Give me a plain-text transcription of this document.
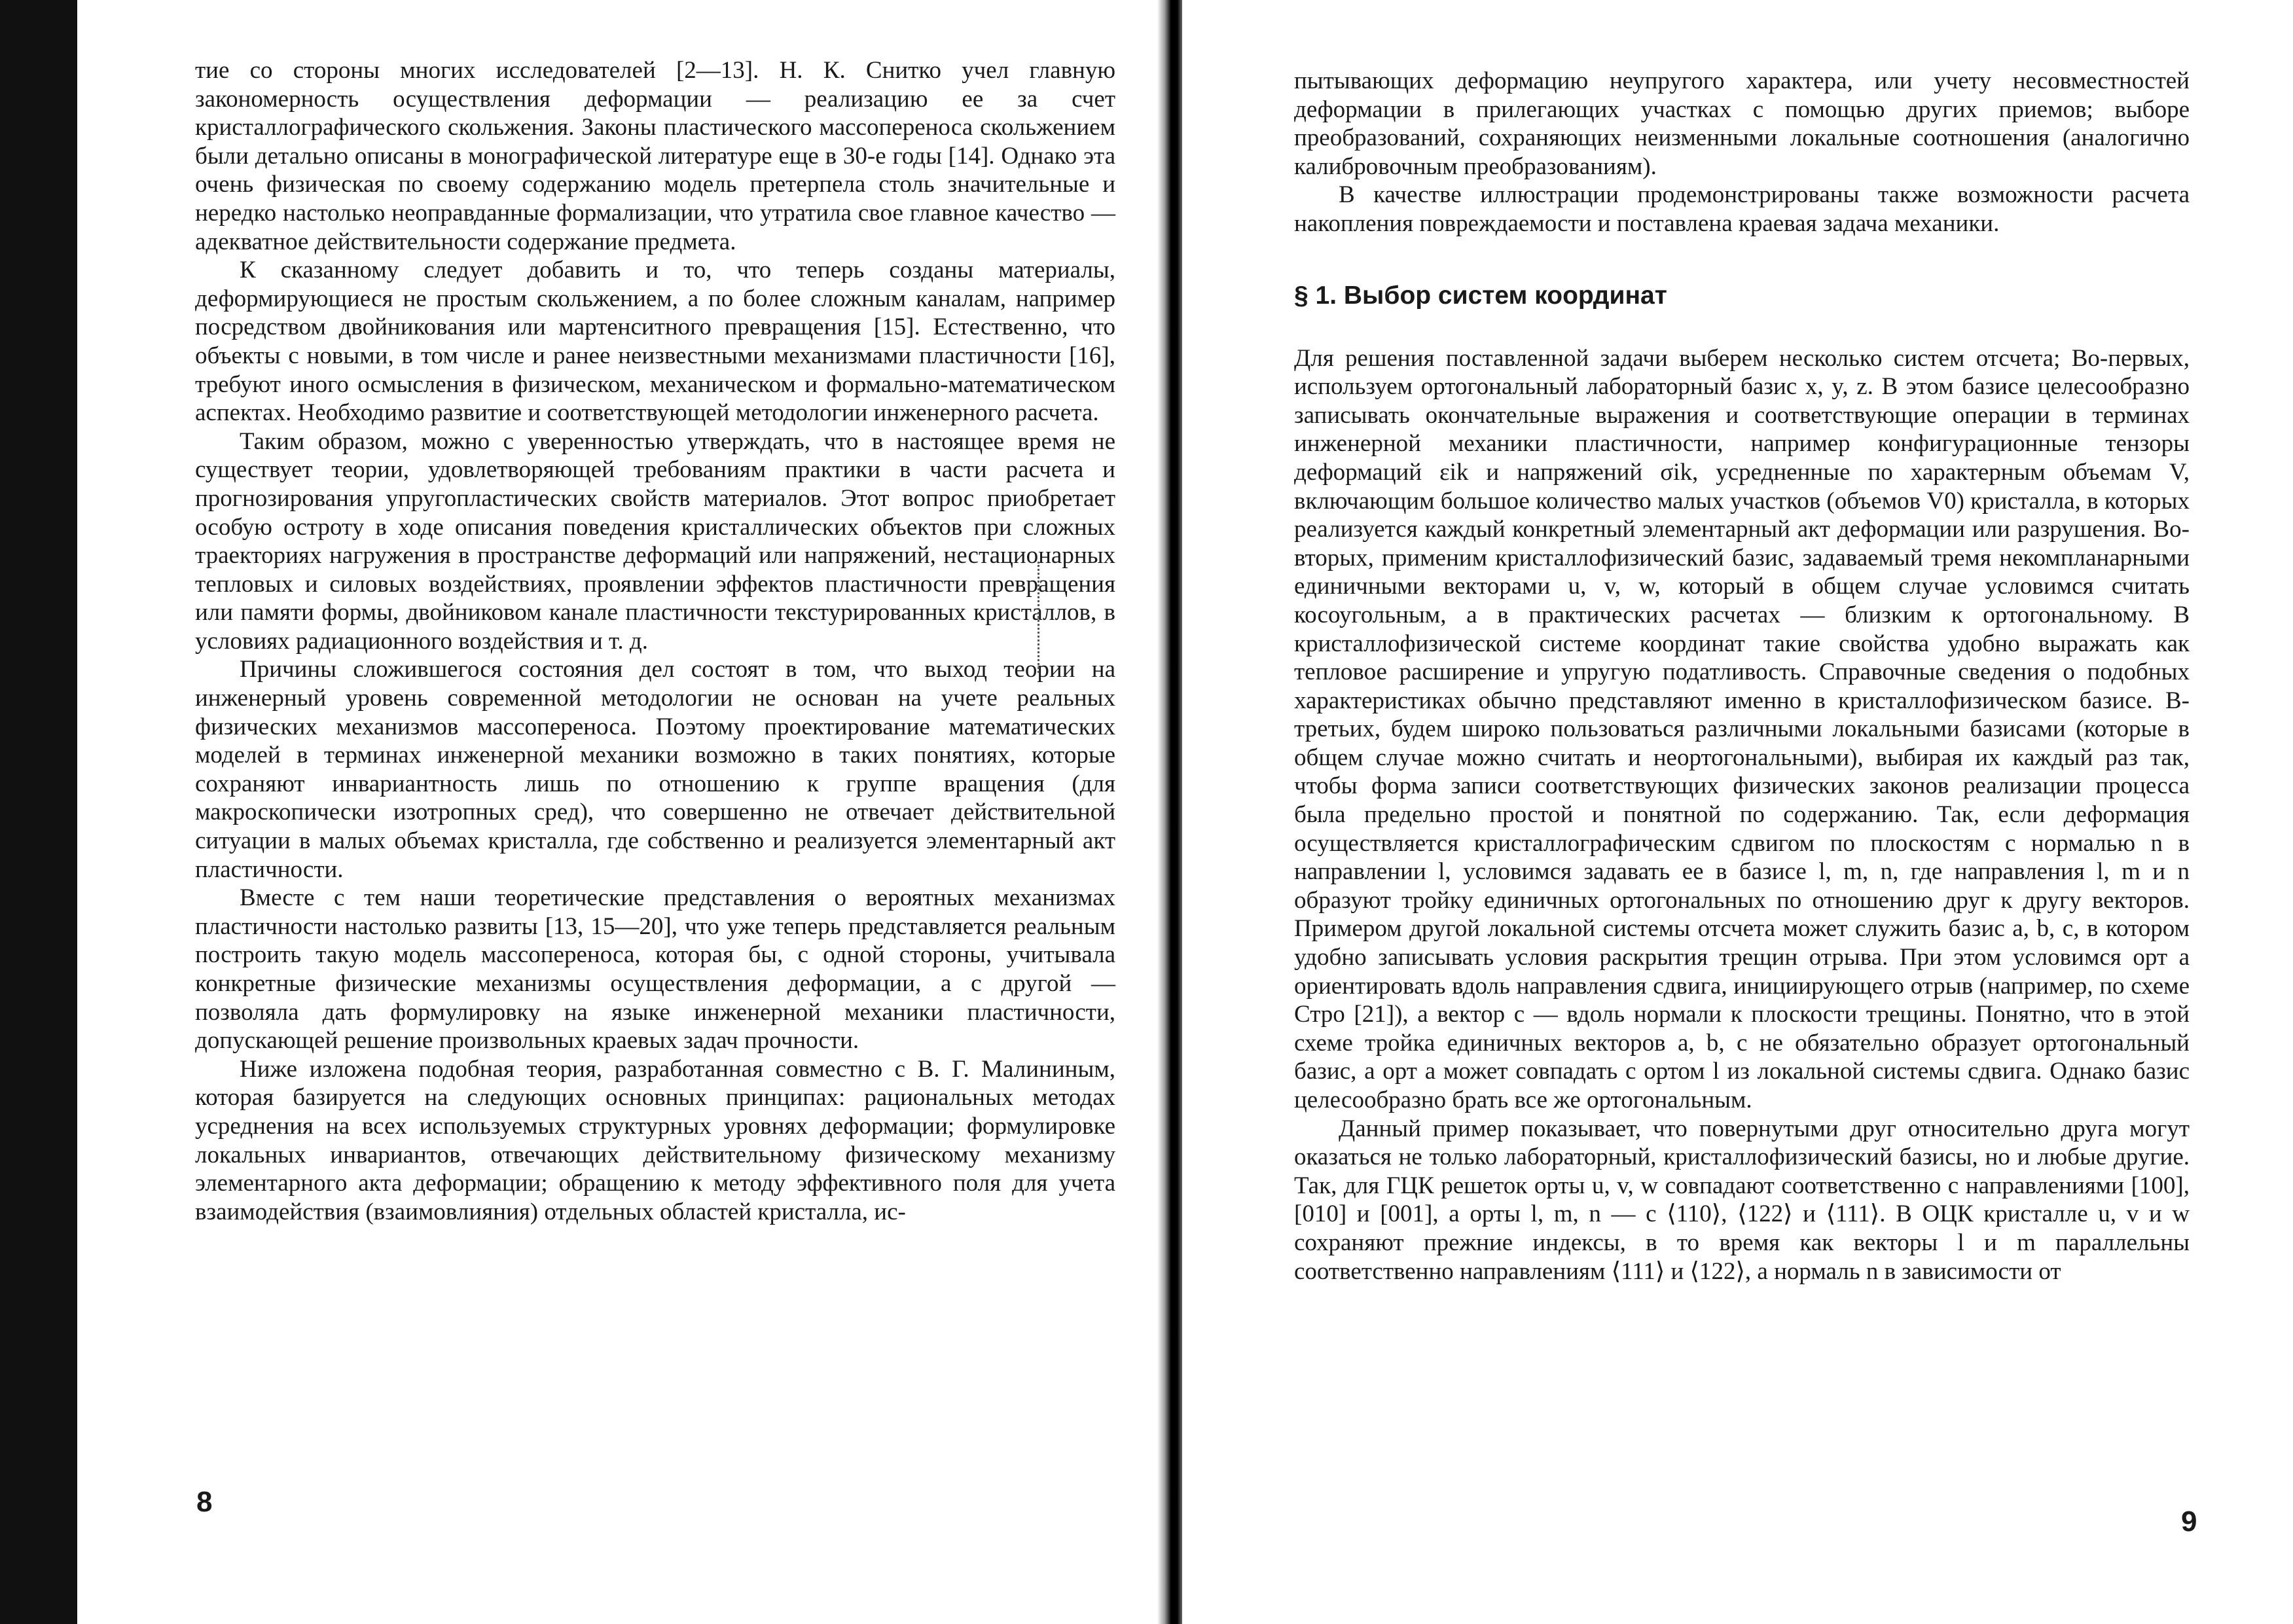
тие со стороны многих исследователей [2—13]. Н. К. Снитко учел главную закономерность осуществления деформации — реализацию ее за счет кристаллографического скольжения. Законы пластического массопереноса скольжением были детально описаны в монографической литературе еще в 30-е годы [14]. Однако эта очень физическая по своему содержанию модель претерпела столь значительные и нередко настолько неоправданные формализации, что утратила свое главное качество — адекватное действительности содержание предмета.

К сказанному следует добавить и то, что теперь созданы материалы, деформирующиеся не простым скольжением, а по более сложным каналам, например посредством двойникования или мартенситного превращения [15]. Естественно, что объекты с новыми, в том числе и ранее неизвестными механизмами пластичности [16], требуют иного осмысления в физическом, механическом и формально-математическом аспектах. Необходимо развитие и соответствующей методологии инженерного расчета.

Таким образом, можно с уверенностью утверждать, что в настоящее время не существует теории, удовлетворяющей требованиям практики в части расчета и прогнозирования упругопластических свойств материалов. Этот вопрос приобретает особую остроту в ходе описания поведения кристаллических объектов при сложных траекториях нагружения в пространстве деформаций или напряжений, нестационарных тепловых и силовых воздействиях, проявлении эффектов пластичности превращения или памяти формы, двойниковом канале пластичности текстурированных кристаллов, в условиях радиационного воздействия и т. д.

Причины сложившегося состояния дел состоят в том, что выход теории на инженерный уровень современной методологии не основан на учете реальных физических механизмов массопереноса. Поэтому проектирование математических моделей в терминах инженерной механики возможно в таких понятиях, которые сохраняют инвариантность лишь по отношению к группе вращения (для макроскопически изотропных сред), что совершенно не отвечает действительной ситуации в малых объемах кристалла, где собственно и реализуется элементарный акт пластичности.

Вместе с тем наши теоретические представления о вероятных механизмах пластичности настолько развиты [13, 15—20], что уже теперь представляется реальным построить такую модель массопереноса, которая бы, с одной стороны, учитывала конкретные физические механизмы осуществления деформации, а с другой — позволяла дать формулировку на языке инженерной механики пластичности, допускающей решение произвольных краевых задач прочности.

Ниже изложена подобная теория, разработанная совместно с В. Г. Малининым, которая базируется на следующих основных принципах: рациональных методах усреднения на всех используемых структурных уровнях деформации; формулировке локальных инвариантов, отвечающих действительному физическому механизму элементарного акта деформации; обращению к методу эффективного поля для учета взаимодействия (взаимовлияния) отдельных областей кристалла, ис-

8

пытывающих деформацию неупругого характера, или учету несовместностей деформации в прилегающих участках с помощью других приемов; выборе преобразований, сохраняющих неизменными локальные соотношения (аналогично калибровочным преобразованиям).

В качестве иллюстрации продемонстрированы также возможности расчета накопления повреждаемости и поставлена краевая задача механики.

§ 1. Выбор систем координат

Для решения поставленной задачи выберем несколько систем отсчета; Во-первых, используем ортогональный лабораторный базис x, y, z. В этом базисе целесообразно записывать окончательные выражения и соответствующие операции в терминах инженерной механики пластичности, например конфигурационные тензоры деформаций εik и напряжений σik, усредненные по характерным объемам V, включающим большое количество малых участков (объемов V0) кристалла, в которых реализуется каждый конкретный элементарный акт деформации или разрушения. Во-вторых, применим кристаллофизический базис, задаваемый тремя некомпланарными единичными векторами u, v, w, который в общем случае условимся считать косоугольным, а в практических расчетах — близким к ортогональному. В кристаллофизической системе координат такие свойства удобно выражать как тепловое расширение и упругую податливость. Справочные сведения о подобных характеристиках обычно представляют именно в кристаллофизическом базисе. В-третьих, будем широко пользоваться различными локальными базисами (которые в общем случае можно считать и неортогональными), выбирая их каждый раз так, чтобы форма записи соответствующих физических законов реализации процесса была предельно простой и понятной по содержанию. Так, если деформация осуществляется кристаллографическим сдвигом по плоскостям с нормалью n в направлении l, условимся задавать ее в базисе l, m, n, где направления l, m и n образуют тройку единичных ортогональных по отношению друг к другу векторов. Примером другой локальной системы отсчета может служить базис a, b, c, в котором удобно записывать условия раскрытия трещин отрыва. При этом условимся орт a ориентировать вдоль направления сдвига, инициирующего отрыв (например, по схеме Стро [21]), а вектор c — вдоль нормали к плоскости трещины. Понятно, что в этой схеме тройка единичных векторов a, b, c не обязательно образует ортогональный базис, а орт a может совпадать с ортом l из локальной системы сдвига. Однако базис целесообразно брать все же ортогональным.

Данный пример показывает, что повернутыми друг относительно друга могут оказаться не только лабораторный, кристаллофизический базисы, но и любые другие. Так, для ГЦК решеток орты u, v, w совпадают соответственно с направлениями [100], [010] и [001], а орты l, m, n — с ⟨110⟩, ⟨122⟩ и ⟨111⟩. В ОЦК кристалле u, v и w сохраняют прежние индексы, в то время как векторы l и m параллельны соответственно направлениям ⟨111⟩ и ⟨122⟩, а нормаль n в зависимости от

9
